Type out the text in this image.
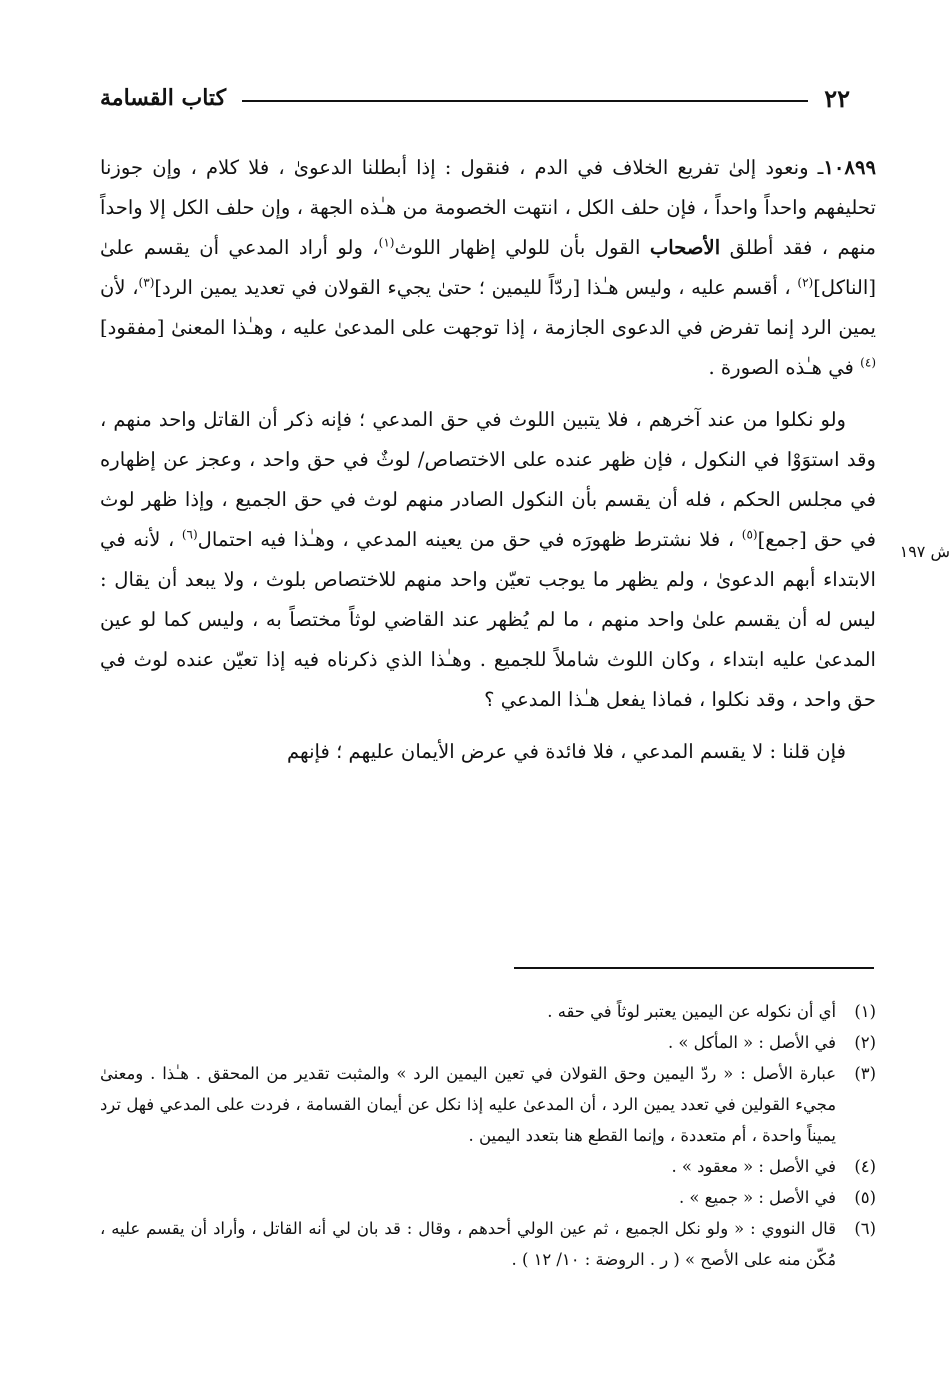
٢٢
كتاب القسامة

١٠٨٩٩ـ ونعود إلىٰ تفريع الخلاف في الدم ، فنقول : إذا أبطلنا الدعوىٰ ، فلا كلام ، وإن جوزنا تحليفهم واحداً واحداً ، فإن حلف الكل ، انتهت الخصومة من هـٰذه الجهة ، وإن حلف الكل إلا واحداً منهم ، فقد أطلق الأصحاب القول بأن للولي إظهار اللوث$^{(١)}$، ولو أراد المدعي أن يقسم علىٰ [الناكل]$^{(٢)}$ ، أقسم عليه ، وليس هـٰذا [ردّاً لليمين ؛ حتىٰ يجيء القولان في تعديد يمين الرد]$^{(٣)}$، لأن يمين الرد إنما تفرض في الدعوى الجازمة ، إذا توجهت على المدعىٰ عليه ، وهـٰذا المعنىٰ [مفقود]$^{(٤)}$ في هـٰذه الصورة .

ولو نكلوا من عند آخرهم ، فلا يتبين اللوث في حق المدعي ؛ فإنه ذكر أن القاتل واحد منهم ، وقد استوَوْا في النكول ، فإن ظهر عنده على الاختصاص/ لوثٌ في حق واحد ، وعجز عن إظهاره في مجلس الحكم ، فله أن يقسم بأن النكول الصادر منهم لوث في حق الجميع ، وإذا ظهر لوث في حق [جمع]$^{(٥)}$ ، فلا نشترط ظهورَه في حق من يعينه المدعي ، وهـٰذا فيه احتمال$^{(٦)}$ ، لأنه في الابتداء أبهم الدعوىٰ ، ولم يظهر ما يوجب تعيّن واحد منهم للاختصاص بلوث ، ولا يبعد أن يقال : ليس له أن يقسم علىٰ واحد منهم ، ما لم يُظهر عند القاضي لوثاً مختصاً به ، وليس كما لو عين المدعىٰ عليه ابتداء ، وكان اللوث شاملاً للجميع . وهـٰذا الذي ذكرناه فيه إذا تعيّن عنده لوث في حق واحد ، وقد نكلوا ، فماذا يفعل هـٰذا المدعي ؟

فإن قلنا : لا يقسم المدعي ، فلا فائدة في عرض الأيمان عليهم ؛ فإنهم

ش ١٩٧
(١)
أي أن نكوله عن اليمين يعتبر لوثاً في حقه .
(٢)
في الأصل : « المأكل » .
(٣)
عبارة الأصل : « ردّ اليمين وحق القولان في تعين اليمين الرد » والمثبت تقدير من المحقق . هـٰذا . ومعنىٰ مجيء القولين في تعدد يمين الرد ، أن المدعىٰ عليه إذا نكل عن أيمان القسامة ، فردت على المدعي فهل ترد يميناً واحدة ، أم متعددة ، وإنما القطع هنا بتعدد اليمين .
(٤)
في الأصل : « معقود » .
(٥)
في الأصل : « جميع » .
(٦)
قال النووي : « ولو نكل الجميع ، ثم عين الولي أحدهم ، وقال : قد بان لي أنه القاتل ، وأراد أن يقسم عليه ، مُكّن منه على الأصح » ( ر . الروضة : ١٠/ ١٢ ) .
